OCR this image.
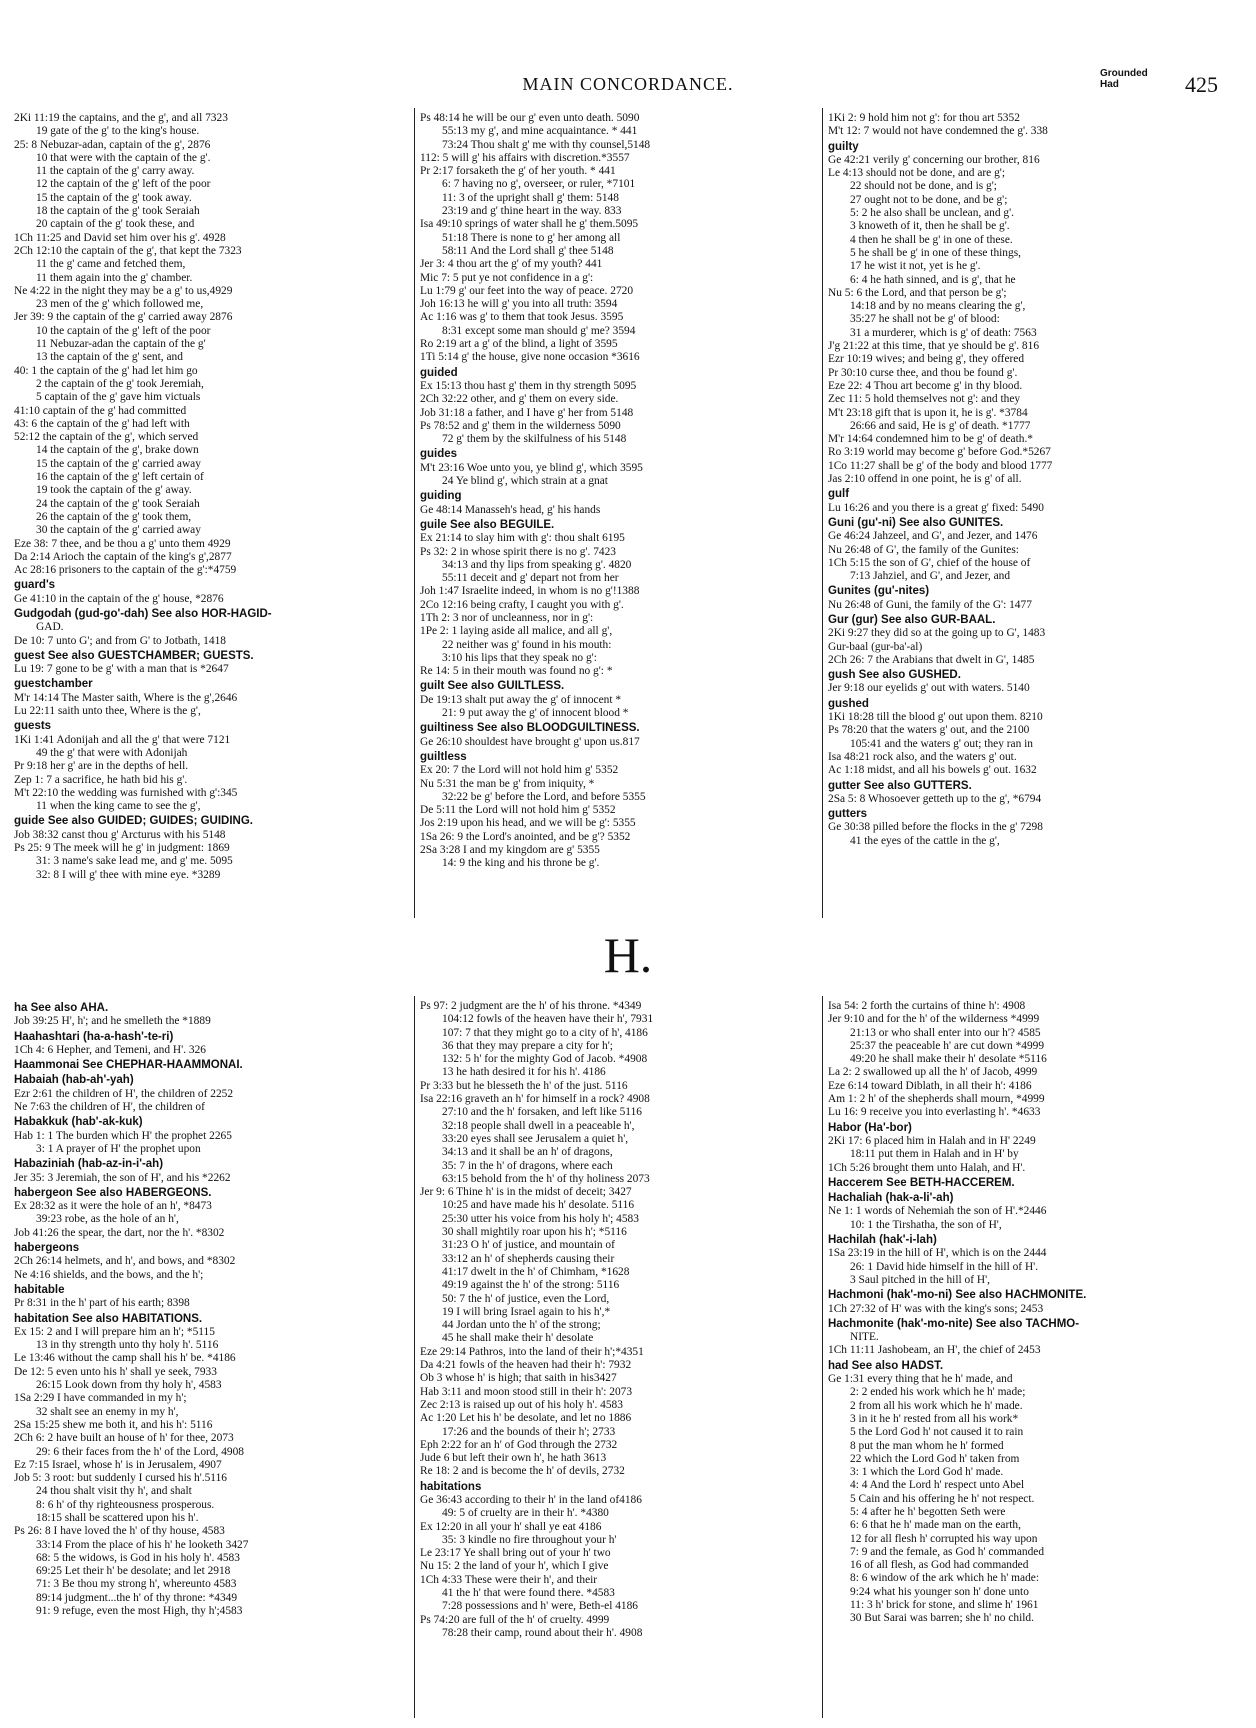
MAIN CONCORDANCE.
Grounded
Had	425
2Ki 11:19 the captains, and the g', and all 7323
19 gate of the g' to the king's house.
25: 8 Nebuzar-adan, captain of the g', 2876
10 that were with the captain of the g'.
11 the captain of the g' carry away.
12 the captain of the g' left of the poor
15 the captain of the g' took away.
18 the captain of the g' took Seraiah
20 captain of the g' took these, and
1Ch 11:25 and David set him over his g'. 4928
2Ch 12:10 the captain of the g', that kept the 7323
11 the g' came and fetched them,
11 them again into the g' chamber.
Ne 4:22 in the night they may be a g' to us,4929
23 men of the g' which followed me,
Jer 39: 9 the captain of the g' carried away 2876
10 the captain of the g' left of the poor
11 Nebuzar-adan the captain of the g'
13 the captain of the g' sent, and
40: 1 the captain of the g' had let him go
2 the captain of the g' took Jeremiah,
5 captain of the g' gave him victuals
41:10 captain of the g' had committed
43: 6 the captain of the g' had left with
52:12 the captain of the g', which served
14 the captain of the g', brake down
15 the captain of the g' carried away
16 the captain of the g' left certain of
19 took the captain of the g' away.
24 the captain of the g' took Seraiah
26 the captain of the g' took them,
30 the captain of the g' carried away
Eze 38: 7 thee, and be thou a g' unto them 4929
Da 2:14 Arioch the captain of the king's g',2877
Ac 28:16 prisoners to the captain of the g':*4759
guard's
Ge 41:10 in the captain of the g' house, *2876
Gudgodah (gud-go'-dah) See also HOR-HAGID-
GAD.
De 10: 7 unto G'; and from G' to Jotbath, 1418
guest See also GUESTCHAMBER; GUESTS.
Lu 19: 7 gone to be g' with a man that is *2647
guestchamber
M'r 14:14 The Master saith, Where is the g',2646
Lu 22:11 saith unto thee, Where is the g',
guests
1Ki 1:41 Adonijah and all the g' that were 7121
49 the g' that were with Adonijah
Pr 9:18 her g' are in the depths of hell.
Zep 1: 7 a sacrifice, he hath bid his g'.
M't 22:10 the wedding was furnished with g':345
11 when the king came to see the g',
guide See also GUIDED; GUIDES; GUIDING.
Job 38:32 canst thou g' Arcturus with his 5148
Ps 25: 9 The meek will he g' in judgment: 1869
31: 3 name's sake lead me, and g' me. 5095
32: 8 I will g' thee with mine eye. *3289
Ps 48:14 he will be our g' even unto death. 5090
55:13 my g', and mine acquaintance. * 441
73:24 Thou shalt g' me with thy counsel,5148
112: 5 will g' his affairs with discretion.*3557
Pr 2:17 forsaketh the g' of her youth. * 441
6: 7 having no g', overseer, or ruler, *7101
11: 3 of the upright shall g' them: 5148
23:19 and g' thine heart in the way. 833
Isa 49:10 springs of water shall he g' them.5095
51:18 There is none to g' her among all
58:11 And the Lord shall g' thee 5148
Jer 3: 4 thou art the g' of my youth? 441
Mic 7: 5 put ye not confidence in a g':
Lu 1:79 g' our feet into the way of peace. 2720
Joh 16:13 he will g' you into all truth: 3594
Ac 1:16 was g' to them that took Jesus. 3595
8:31 except some man should g' me? 3594
Ro 2:19 art a g' of the blind, a light of 3595
1Ti 5:14 g' the house, give none occasion *3616
guided
Ex 15:13 thou hast g' them in thy strength 5095
2Ch 32:22 other, and g' them on every side.
Job 31:18 a father, and I have g' her from 5148
Ps 78:52 and g' them in the wilderness 5090
72 g' them by the skilfulness of his 5148
guides
M't 23:16 Woe unto you, ye blind g', which 3595
24 Ye blind g', which strain at a gnat
guiding
Ge 48:14 Manasseh's head, g' his hands
guile See also BEGUILE.
Ex 21:14 to slay him with g': thou shalt 6195
Ps 32: 2 in whose spirit there is no g'. 7423
34:13 and thy lips from speaking g'. 4820
55:11 deceit and g' depart not from her
Joh 1:47 Israelite indeed, in whom is no g'!1388
2Co 12:16 being crafty, I caught you with g'.
1Th 2: 3 nor of uncleanness, nor in g':
1Pe 2: 1 laying aside all malice, and all g',
22 neither was g' found in his mouth:
3:10 his lips that they speak no g':
Re 14: 5 in their mouth was found no g': *
guilt See also GUILTLESS.
De 19:13 shalt put away the g' of innocent *
21: 9 put away the g' of innocent blood *
guiltiness See also BLOODGUILTINESS.
Ge 26:10 shouldest have brought g' upon us.817
guiltless
Ex 20: 7 the Lord will not hold him g' 5352
Nu 5:31 the man be g' from iniquity, *
32:22 be g' before the Lord, and before 5355
De 5:11 the Lord will not hold him g' 5352
Jos 2:19 upon his head, and we will be g': 5355
1Sa 26: 9 the Lord's anointed, and be g'? 5352
2Sa 3:28 I and my kingdom are g' 5355
14: 9 the king and his throne be g'.
1Ki 2: 9 hold him not g': for thou art 5352
M't 12: 7 would not have condemned the g'. 338
guilty
Ge 42:21 verily g' concerning our brother, 816
Le 4:13 should not be done, and are g';
22 should not be done, and is g';
27 ought not to be done, and be g';
5: 2 he also shall be unclean, and g'.
3 knoweth of it, then he shall be g'.
4 then he shall be g' in one of these.
5 he shall be g' in one of these things,
17 he wist it not, yet is he g'.
6: 4 he hath sinned, and is g', that he
Nu 5: 6 the Lord, and that person be g';
14:18 and by no means clearing the g',
35:27 he shall not be g' of blood:
31 a murderer, which is g' of death: 7563
J'g 21:22 at this time, that ye should be g'. 816
Ezr 10:19 wives; and being g', they offered
Pr 30:10 curse thee, and thou be found g'.
Eze 22: 4 Thou art become g' in thy blood.
Zec 11: 5 hold themselves not g': and they
M't 23:18 gift that is upon it, he is g'. *3784
26:66 and said, He is g' of death. *1777
M'r 14:64 condemned him to be g' of death.*
Ro 3:19 world may become g' before God.*5267
1Co 11:27 shall be g' of the body and blood 1777
Jas 2:10 offend in one point, he is g' of all.
gulf
Lu 16:26 and you there is a great g' fixed: 5490
Guni (gu'-ni) See also GUNITES.
Ge 46:24 Jahzeel, and G', and Jezer, and 1476
Nu 26:48 of G', the family of the Gunites:
1Ch 5:15 the son of G', chief of the house of
7:13 Jahziel, and G', and Jezer, and
Gunites (gu'-nites)
Nu 26:48 of Guni, the family of the G': 1477
Gur (gur) See also GUR-BAAL.
2Ki 9:27 they did so at the going up to G', 1483
Gur-baal (gur-ba'-al)
2Ch 26: 7 the Arabians that dwelt in G', 1485
gush See also GUSHED.
Jer 9:18 our eyelids g' out with waters. 5140
gushed
1Ki 18:28 till the blood g' out upon them. 8210
Ps 78:20 that the waters g' out, and the 2100
105:41 and the waters g' out; they ran in
Isa 48:21 rock also, and the waters g' out.
Ac 1:18 midst, and all his bowels g' out. 1632
gutter See also GUTTERS.
2Sa 5: 8 Whosoever getteth up to the g', *6794
gutters
Ge 30:38 pilled before the flocks in the g' 7298
41 the eyes of the cattle in the g',
H.
ha See also AHA.
Job 39:25 H', h'; and he smelleth the *1889
Haahashtari (ha-a-hash'-te-ri)
1Ch 4: 6 Hepher, and Temeni, and H'. 326
Haammonai See CHEPHAR-HAAMMONAI.
Habaiah (hab-ah'-yah)
Ezr 2:61 the children of H', the children of 2252
Ne 7:63 the children of H', the children of
Habakkuk (hab'-ak-kuk)
Hab 1: 1 The burden which H' the prophet 2265
3: 1 A prayer of H' the prophet upon
Habaziniah (hab-az-in-i'-ah)
Jer 35: 3 Jeremiah, the son of H', and his *2262
habergeon See also HABERGEONS.
Ex 28:32 as it were the hole of an h', *8473
39:23 robe, as the hole of an h',
Job 41:26 the spear, the dart, nor the h'. *8302
habergeons
2Ch 26:14 helmets, and h', and bows, and *8302
Ne 4:16 shields, and the bows, and the h';
habitable
Pr 8:31 in the h' part of his earth; 8398
habitation See also HABITATIONS.
Ex 15: 2 and I will prepare him an h'; *5115
13 in thy strength unto thy holy h'. 5116
Le 13:46 without the camp shall his h' be. *4186
De 12: 5 even unto his h' shall ye seek, 7933
26:15 Look down from thy holy h', 4583
1Sa 2:29 I have commanded in my h';
32 shalt see an enemy in my h',
2Sa 15:25 shew me both it, and his h': 5116
2Ch 6: 2 have built an house of h' for thee, 2073
29: 6 their faces from the h' of the Lord, 4908
Ez 7:15 Israel, whose h' is in Jerusalem, 4907
Job 5: 3 root: but suddenly I cursed his h'.5116
24 thou shalt visit thy h', and shalt
8: 6 h' of thy righteousness prosperous.
18:15 shall be scattered upon his h'.
Ps 26: 8 I have loved the h' of thy house, 4583
33:14 From the place of his h' he looketh 3427
68: 5 the widows, is God in his holy h'. 4583
69:25 Let their h' be desolate; and let 2918
71: 3 Be thou my strong h', whereunto 4583
89:14 judgment...the h' of thy throne: *4349
91: 9 refuge, even the most High, thy h';4583
Ps 97: 2 judgment are the h' of his throne. *4349
104:12 fowls of the heaven have their h', 7931
107: 7 that they might go to a city of h', 4186
36 that they may prepare a city for h';
132: 5 h' for the mighty God of Jacob. *4908
13 he hath desired it for his h'. 4186
Pr 3:33 but he blesseth the h' of the just. 5116
Isa 22:16 graveth an h' for himself in a rock? 4908
27:10 and the h' forsaken, and left like 5116
32:18 people shall dwell in a peaceable h',
33:20 eyes shall see Jerusalem a quiet h',
34:13 and it shall be an h' of dragons,
35: 7 in the h' of dragons, where each
63:15 behold from the h' of thy holiness 2073
Jer 9: 6 Thine h' is in the midst of deceit; 3427
10:25 and have made his h' desolate. 5116
25:30 utter his voice from his holy h'; 4583
30 shall mightily roar upon his h'; *5116
31:23 O h' of justice, and mountain of
33:12 an h' of shepherds causing their
41:17 dwelt in the h' of Chimham, *1628
49:19 against the h' of the strong: 5116
50: 7 the h' of justice, even the Lord,
19 I will bring Israel again to his h',*
44 Jordan unto the h' of the strong;
45 he shall make their h' desolate
Eze 29:14 Pathros, into the land of their h';*4351
Da 4:21 fowls of the heaven had their h': 7932
Ob 3 whose h' is high; that saith in his3427
Hab 3:11 and moon stood still in their h': 2073
Zec 2:13 is raised up out of his holy h'. 4583
Ac 1:20 Let his h' be desolate, and let no 1886
17:26 and the bounds of their h'; 2733
Eph 2:22 for an h' of God through the 2732
Jude 6 but left their own h', he hath 3613
Re 18: 2 and is become the h' of devils, 2732
habitations
Ge 36:43 according to their h' in the land of4186
49: 5 of cruelty are in their h'. *4380
Ex 12:20 in all your h' shall ye eat 4186
35: 3 kindle no fire throughout your h'
Le 23:17 Ye shall bring out of your h' two
Nu 15: 2 the land of your h', which I give
1Ch 4:33 These were their h', and their
41 the h' that were found there. *4583
7:28 possessions and h' were, Beth-el 4186
Ps 74:20 are full of the h' of cruelty. 4999
78:28 their camp, round about their h'. 4908
Isa 54: 2 forth the curtains of thine h': 4908
Jer 9:10 and for the h' of the wilderness *4999
21:13 or who shall enter into our h'? 4585
25:37 the peaceable h' are cut down *4999
49:20 he shall make their h' desolate *5116
La 2: 2 swallowed up all the h' of Jacob, 4999
Eze 6:14 toward Diblath, in all their h': 4186
Am 1: 2 h' of the shepherds shall mourn, *4999
Lu 16: 9 receive you into everlasting h'. *4633
Habor (Ha'-bor)
2Ki 17: 6 placed him in Halah and in H' 2249
18:11 put them in Halah and in H' by
1Ch 5:26 brought them unto Halah, and H'.
Haccerem See BETH-HACCEREM.
Hachaliah (hak-a-li'-ah)
Ne 1: 1 words of Nehemiah the son of H'.*2446
10: 1 the Tirshatha, the son of H',
Hachilah (hak'-i-lah)
1Sa 23:19 in the hill of H', which is on the 2444
26: 1 David hide himself in the hill of H'.
3 Saul pitched in the hill of H',
Hachmoni (hak'-mo-ni) See also HACHMONITE.
1Ch 27:32 of H' was with the king's sons; 2453
Hachmonite (hak'-mo-nite) See also TACHMO-
NITE.
1Ch 11:11 Jashobeam, an H', the chief of 2453
had See also HADST.
Ge 1:31 every thing that he h' made, and
2: 2 ended his work which he h' made;
2 from all his work which he h' made.
3 in it he h' rested from all his work*
5 the Lord God h' not caused it to rain
8 put the man whom he h' formed
22 which the Lord God h' taken from
3: 1 which the Lord God h' made.
4: 4 And the Lord h' respect unto Abel
5 Cain and his offering he h' not respect.
5: 4 after he h' begotten Seth were
6: 6 that he h' made man on the earth,
12 for all flesh h' corrupted his way upon
7: 9 and the female, as God h' commanded
16 of all flesh, as God had commanded
8: 6 window of the ark which he h' made:
9:24 what his younger son h' done unto
11: 3 h' brick for stone, and slime h' 1961
30 But Sarai was barren; she h' no child.
